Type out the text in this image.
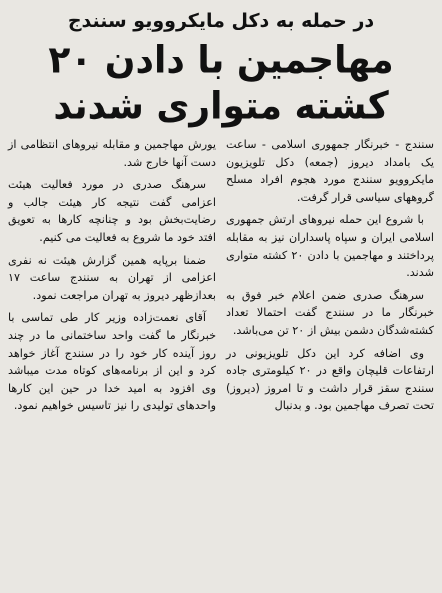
در حمله به دکل مایکروویو سنندج
مهاجمین با دادن ۲۰
کشته متواری شدند

سنندج - خبرنگار جمهوری اسلامی - ساعت یک بامداد دیروز (جمعه) دکل تلویزیون مایکروویو سنندج مورد هجوم افراد مسلح گروههای سیاسی قرار گرفت.

با شروع این حمله نیروهای ارتش جمهوری اسلامی ایران و سپاه پاسداران نیز به مقابله پرداختند و مهاجمین با دادن ۲۰ کشته متواری شدند.

سرهنگ صدری ضمن اعلام خبر فوق به خبرنگار ما در سنندج گفت احتمالا تعداد کشته‌شدگان دشمن بیش از ۲۰ تن می‌باشد.

وی اضافه کرد این دکل تلویزیونی در ارتفاعات قلیچان واقع در ۲۰ کیلومتری جاده سنندج سقز قرار داشت و تا امروز (دیروز) تحت تصرف مهاجمین بود. و بدنبال

یورش مهاجمین و مقابله نیروهای انتظامی از دست آنها خارج شد.

سرهنگ صدری در مورد فعالیت هیئت اعزامی گفت نتیجه کار هیئت جالب و رضایت‌بخش بود و چنانچه کارها به تعویق افتد خود ما شروع به فعالیت می کنیم.

ضمنا برپایه همین گزارش هیئت نه نفری اعزامی از تهران به سنندج ساعت ۱۷ بعدازظهر دیروز به تهران مراجعت نمود.

آقای نعمت‌زاده وزیر کار طی تماسی با خبرنگار ما گفت واحد ساختمانی ما در چند روز آینده کار خود را در سنندج آغاز خواهد کرد و این از برنامه‌های کوتاه مدت میباشد وی افزود به امید خدا در حین این کارها واحدهای تولیدی را نیز تاسیس خواهیم نمود.
